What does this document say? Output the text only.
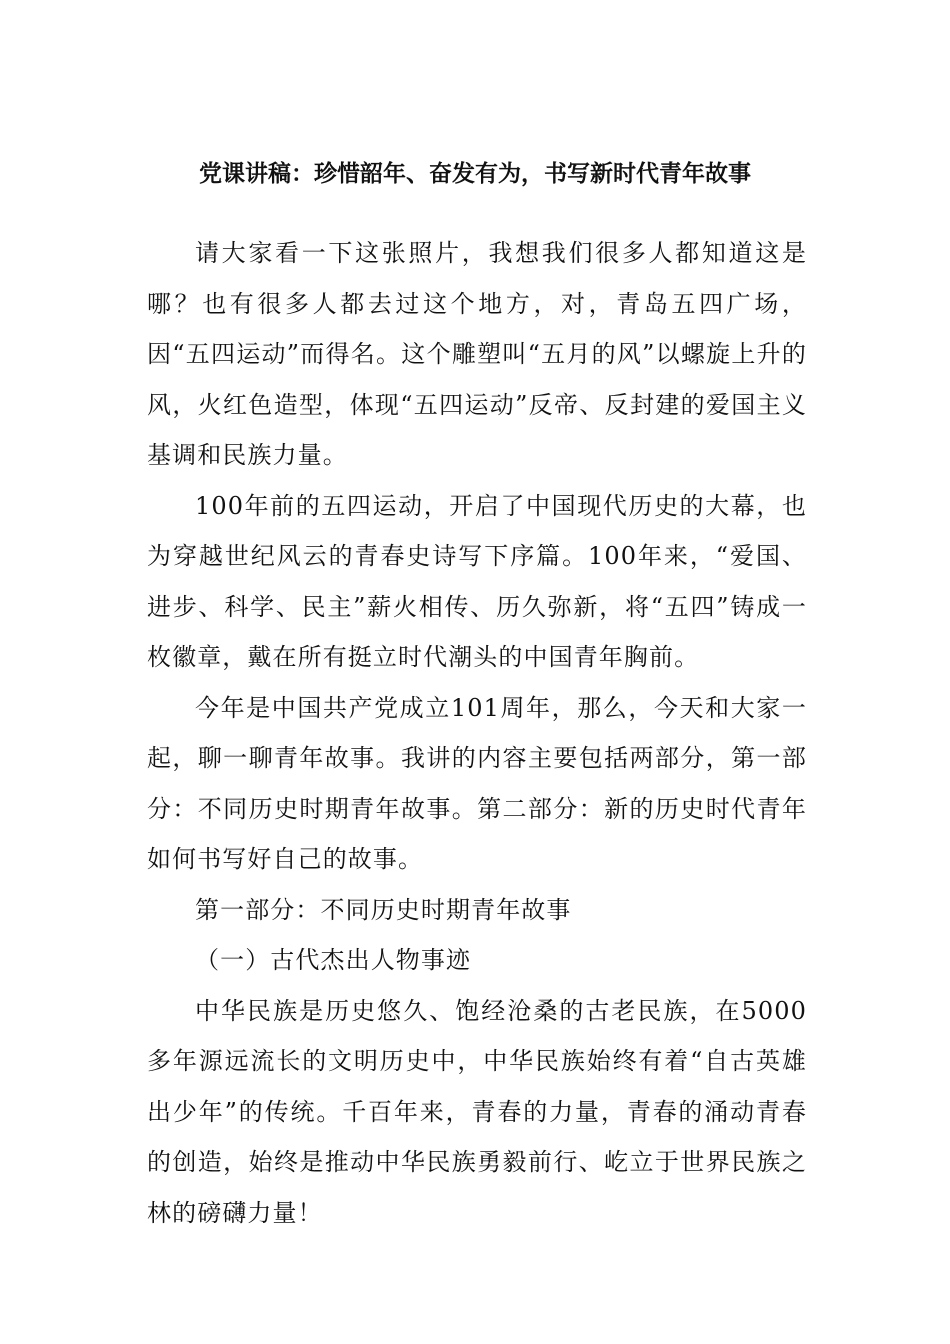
党课讲稿：珍惜韶年、奋发有为，书写新时代青年故事

请大家看一下这张照片，我想我们很多人都知道这是哪？也有很多人都去过这个地方，对，青岛五四广场，因“五四运动”而得名。这个雕塑叫“五月的风”以螺旋上升的风，火红色造型，体现“五四运动”反帝、反封建的爱国主义基调和民族力量。

100年前的五四运动，开启了中国现代历史的大幕，也为穿越世纪风云的青春史诗写下序篇。100年来，“爱国、进步、科学、民主”薪火相传、历久弥新，将“五四”铸成一枚徽章，戴在所有挺立时代潮头的中国青年胸前。

今年是中国共产党成立101周年，那么，今天和大家一起，聊一聊青年故事。我讲的内容主要包括两部分，第一部分：不同历史时期青年故事。第二部分：新的历史时代青年如何书写好自己的故事。

第一部分：不同历史时期青年故事

（一）古代杰出人物事迹

中华民族是历史悠久、饱经沧桑的古老民族，在5000多年源远流长的文明历史中，中华民族始终有着“自古英雄出少年”的传统。千百年来，青春的力量，青春的涌动青春的创造，始终是推动中华民族勇毅前行、屹立于世界民族之林的磅礴力量！
